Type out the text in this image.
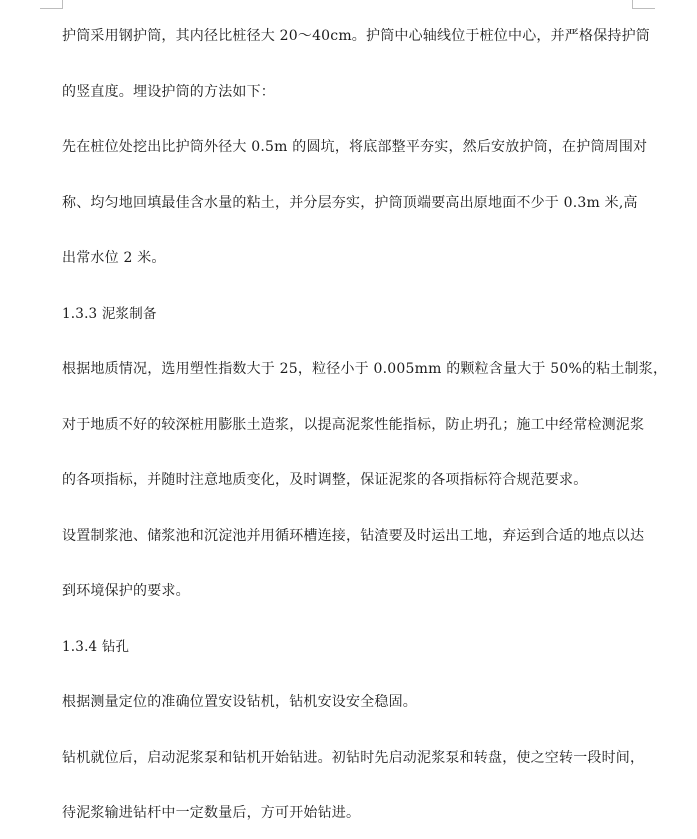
护筒采用钢护筒，其内径比桩径大 20～40cm。护筒中心轴线位于桩位中心，并严格保持护筒
的竖直度。埋设护筒的方法如下：
先在桩位处挖出比护筒外径大 0.5m 的圆坑，将底部整平夯实，然后安放护筒，在护筒周围对
称、均匀地回填最佳含水量的粘土，并分层夯实，护筒顶端要高出原地面不少于 0.3m 米,高
出常水位 2 米。
1.3.3 泥浆制备
根据地质情况，选用塑性指数大于 25，粒径小于 0.005mm 的颗粒含量大于 50%的粘土制浆，
对于地质不好的较深桩用膨胀土造浆，以提高泥浆性能指标，防止坍孔；施工中经常检测泥浆
的各项指标，并随时注意地质变化，及时调整，保证泥浆的各项指标符合规范要求。
设置制浆池、储浆池和沉淀池并用循环槽连接，钻渣要及时运出工地，弃运到合适的地点以达
到环境保护的要求。
1.3.4 钻孔
根据测量定位的准确位置安设钻机，钻机安设安全稳固。
钻机就位后，启动泥浆泵和钻机开始钻进。初钻时先启动泥浆泵和转盘，使之空转一段时间，
待泥浆输进钻杆中一定数量后，方可开始钻进。
